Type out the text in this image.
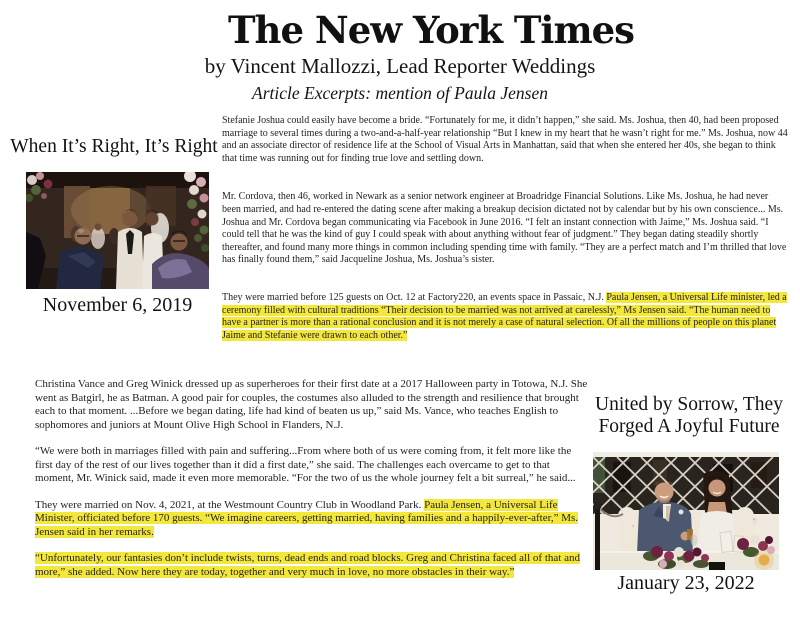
The New York Times
by Vincent Mallozzi, Lead Reporter Weddings
Article Excerpts: mention of Paula Jensen
When It’s Right, It’s Right
November 6, 2019

Stefanie Joshua could easily have become a bride. “Fortunately for me, it didn’t happen,” she said. Ms. Joshua, then 40, had been proposed marriage to several times during a two-and-a-half-year relationship “But I knew in my heart that he wasn’t right for me.” Ms. Joshua, now 44 and an associate director of residence life at the School of Visual Arts in Manhattan, said that when she entered her 40s, she began to think that time was running out for finding true love and settling down.

Mr. Cordova, then 46, worked in Newark as a senior network engineer at Broadridge Financial Solutions. Like Ms. Joshua, he had never been married, and had re-entered the dating scene after making a breakup decision dictated not by calendar but by his own conscience... Ms. Joshua and Mr. Cordova began communicating via Facebook in June 2016. “I felt an instant connection with Jaime,” Ms. Joshua said. “I could tell that he was the kind of guy I could speak with about anything without fear of judgment.” They began dating steadily shortly thereafter, and found many more things in common including spending time with family. “They are a perfect match and I’m thrilled that love has finally found them,” said Jacqueline Joshua, Ms. Joshua’s sister.

They were married before 125 guests on Oct. 12 at Factory220, an events space in Passaic, N.J. Paula Jensen, a Universal Life minister, led a ceremony filled with cultural traditions “Their decision to be married was not arrived at carelessly,” Ms Jensen said. “The human need to have a partner is more than a rational conclusion and it is not merely a case of natural selection. Of all the millions of people on this planet Jaime and Stefanie were drawn to each other.”

Christina Vance and Greg Winick dressed up as superheroes for their first date at a 2017 Halloween party in Totowa, N.J. She went as Batgirl, he as Batman. A good pair for couples, the costumes also alluded to the strength and resilience that brought each to that moment. ...Before we began dating, life had kind of beaten us up,” said Ms. Vance, who teaches English to sophomores and juniors at Mount Olive High School in Flanders, N.J.

“We were both in marriages filled with pain and suffering...From where both of us were coming from, it felt more like the first day of the rest of our lives together than it did a first date,” she said. The challenges each overcame to get to that moment, Mr. Winick said, made it even more memorable. “For the two of us the whole journey felt a bit surreal,” he said...

They were married on Nov. 4, 2021, at the Westmount Country Club in Woodland Park. Paula Jensen, a Universal Life Minister, officiated before 170 guests. “We imagine careers, getting married, having families and a happily-ever-after,” Ms. Jensen said in her remarks.

“Unfortunately, our fantasies don’t include twists, turns, dead ends and road blocks. Greg and Christina faced all of that and more,” she added. Now here they are today, together and very much in love, no more obstacles in their way.”

United by Sorrow, They
Forged A Joyful Future
January 23, 2022
